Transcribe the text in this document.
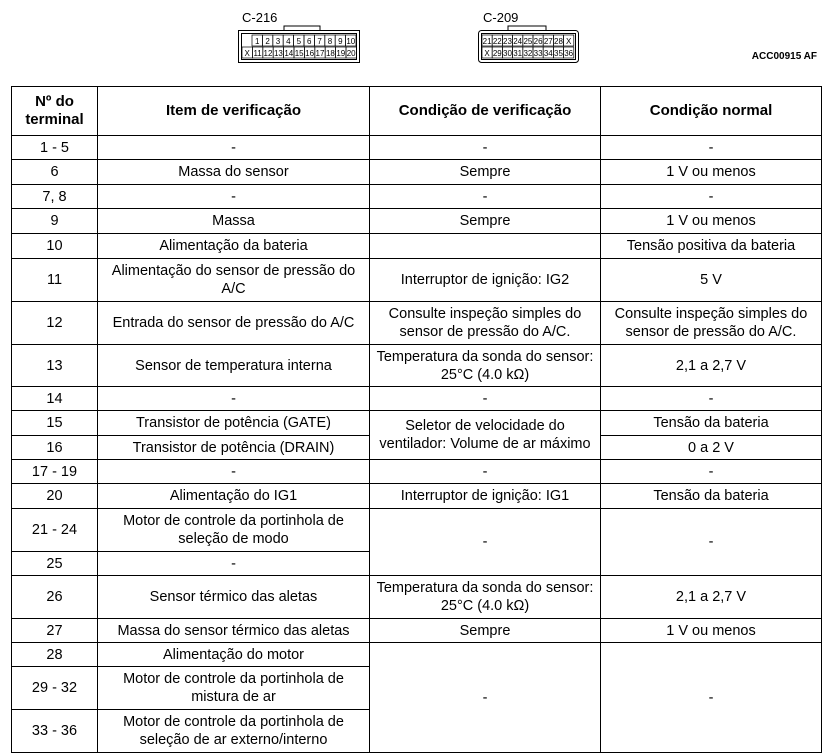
C-216
1 2 3 4 5 6 7 8 9 10
X 11 12 13 14 15 16 17 18 19 20
C-209
21 22 23 24 25 26 27 28 X
X 29 30 31 32 33 34 35 36	ACC00915 AF
Nº do terminal	Item de verificação	Condição de verificação	Condição normal
1 - 5	-	-	-
6	Massa do sensor	Sempre	1 V ou menos
7, 8	-	-	-
9	Massa	Sempre	1 V ou menos
10	Alimentação da bateria		Tensão positiva da bateria
11	Alimentação do sensor de pressão do A/C	Interruptor de ignição: IG2	5 V
12	Entrada do sensor de pressão do A/C	Consulte inspeção simples do sensor de pressão do A/C.	Consulte inspeção simples do sensor de pressão do A/C.
13	Sensor de temperatura interna	Temperatura da sonda do sensor: 25°C (4.0 kΩ)	2,1 a 2,7 V
14	-	-	-
15	Transistor de potência (GATE)	Seletor de velocidade do ventilador: Volume de ar máximo	Tensão da bateria
16	Transistor de potência (DRAIN)		0 a 2 V
17 - 19	-	-	-
20	Alimentação do IG1	Interruptor de ignição: IG1	Tensão da bateria
21 - 24	Motor de controle da portinhola de seleção de modo	-	-
25	-		
26	Sensor térmico das aletas	Temperatura da sonda do sensor: 25°C (4.0 kΩ)	2,1 a 2,7 V
27	Massa do sensor térmico das aletas	Sempre	1 V ou menos
28	Alimentação do motor	-	-
29 - 32	Motor de controle da portinhola de mistura de ar		
33 - 36	Motor de controle da portinhola de seleção de ar externo/interno		
